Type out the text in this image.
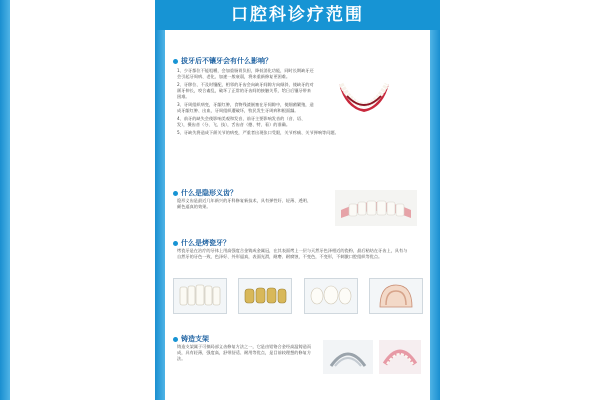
口腔科诊疗范围
拔牙后不镶牙会有什么影响？

1、少牙都位不能咀嚼，会加重肠胃负担，降低消化功能，同时长期缺牙还会引起牙周病、老化、加速一般衰弱，将来重新修复更困难。

2、牙移位、不及时镶配，相邻的牙齿会向缺牙间隙方向倾斜，使缺牙的对颌牙伸长，咬合紊乱，破坏了正常的牙齿间的接触关系，给日后镶牙带来困难。

3、牙周组织病变，牙龈红肿，食物残渣嵌塞在牙间隙中，使细菌繁殖，造成牙龈红肿、出血，牙周组织遭破坏，牧民发生牙周病和根面龋。

4、前牙的缺失会使影响美观和发音，前牙主要影响发音的（音、语、发），摄齿音（分、飞、技），舌齿音（德、特、看）的准确。

5、牙缺失将造成下颌关节的病变，严重者出现张口受限，关节疼痛、关节弹响等问题。

什么是隐形义齿？

隐形义齿是最近几年新兴的牙科修复新技术，具有弹性好、轻薄、透明、颜色逼真的效果。

什么是烤瓷牙？

烤瓷牙是在治疗的牙体上用高强度合金铸成金属冠，在其表面烤上一层与天然牙色泽相近的瓷粉，最后粘结在牙齿上，具有与自然牙的牙色一致、色泽好、外形逼真，表面光滑，耐磨、耐腐蚀，不变色，不变形，不刺激口腔组织等优点。

铸造支架

铸造支架属于可摘局部义齿修复方法之一，它是由铝铬合金经高温铸造而成，具有轻薄，强度高，舒带舒适、耐用等优点，是目前较理想的修复方法。
